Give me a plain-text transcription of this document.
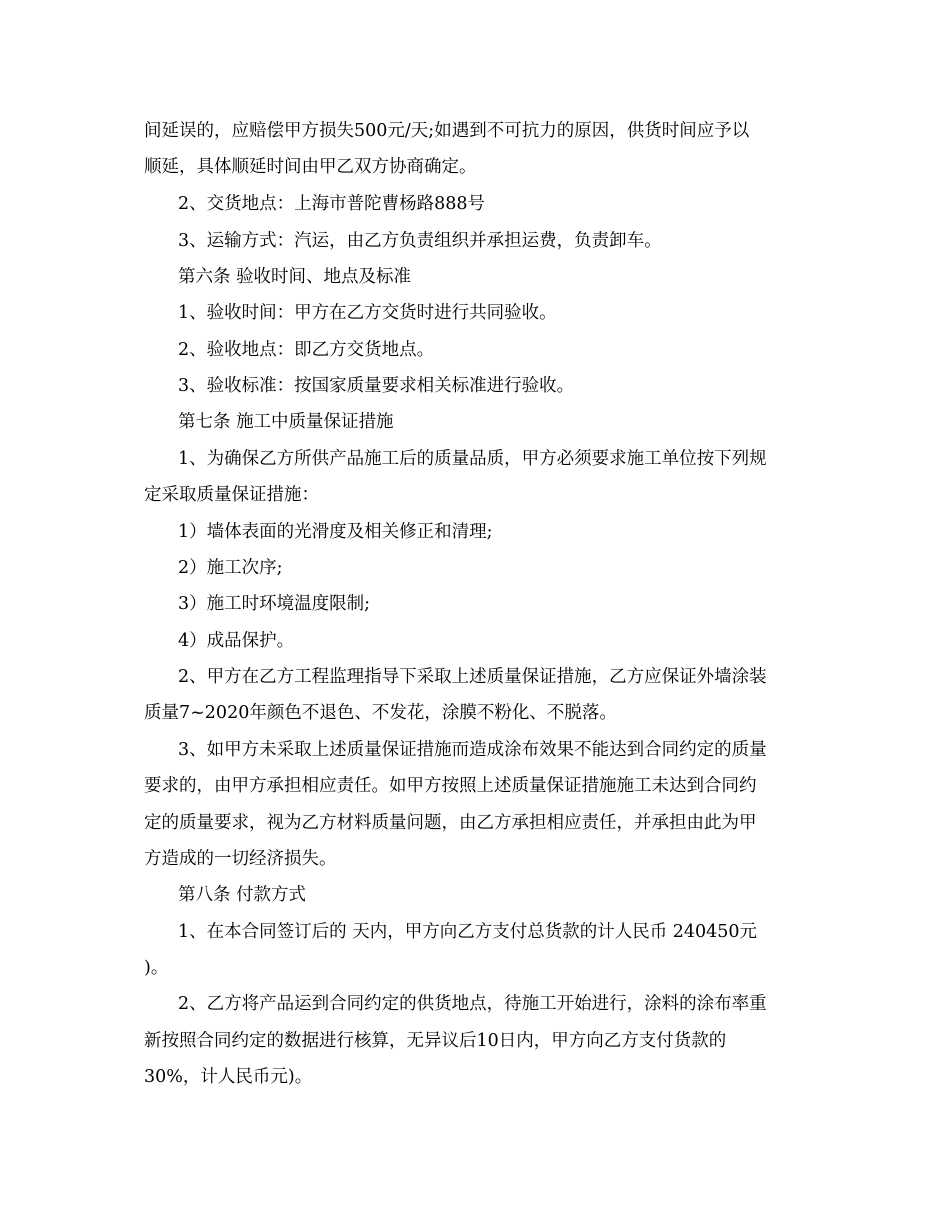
间延误的，应赔偿甲方损失500元/天;如遇到不可抗力的原因，供货时间应予以
顺延，具体顺延时间由甲乙双方协商确定。
2、交货地点：上海市普陀曹杨路888号
3、运输方式：汽运，由乙方负责组织并承担运费，负责卸车。
第六条 验收时间、地点及标准
1、验收时间：甲方在乙方交货时进行共同验收。
2、验收地点：即乙方交货地点。
3、验收标准：按国家质量要求相关标准进行验收。
第七条 施工中质量保证措施
1、为确保乙方所供产品施工后的质量品质，甲方必须要求施工单位按下列规
定采取质量保证措施：
1）墙体表面的光滑度及相关修正和清理;
2）施工次序;
3）施工时环境温度限制;
4）成品保护。
2、甲方在乙方工程监理指导下采取上述质量保证措施，乙方应保证外墙涂装
质量7~2020年颜色不退色、不发花，涂膜不粉化、不脱落。
3、如甲方未采取上述质量保证措施而造成涂布效果不能达到合同约定的质量
要求的，由甲方承担相应责任。如甲方按照上述质量保证措施施工未达到合同约
定的质量要求，视为乙方材料质量问题，由乙方承担相应责任，并承担由此为甲
方造成的一切经济损失。
第八条 付款方式
1、在本合同签订后的 天内，甲方向乙方支付总货款的计人民币 240450元
)。
2、乙方将产品运到合同约定的供货地点，待施工开始进行，涂料的涂布率重
新按照合同约定的数据进行核算，无异议后10日内，甲方向乙方支付货款的
30%，计人民币元)。
